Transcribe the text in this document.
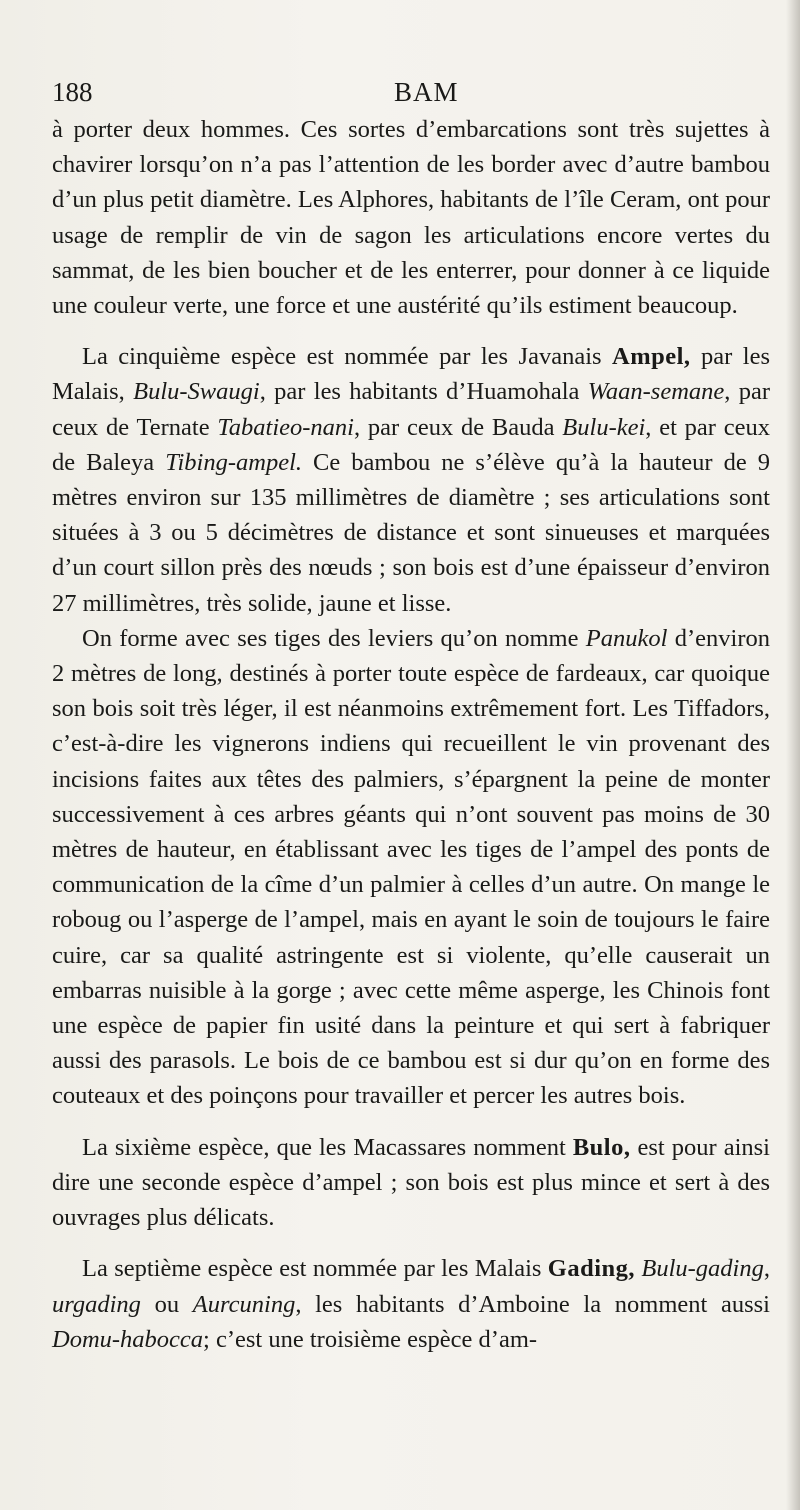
188	BAM

à porter deux hommes. Ces sortes d’embarcations sont très sujettes à chavirer lorsqu’on n’a pas l’attention de les border avec d’autre bambou d’un plus petit diamètre. Les Alphores, habitants de l’île Ceram, ont pour usage de remplir de vin de sagon les articulations encore vertes du sammat, de les bien boucher et de les enterrer, pour donner à ce liquide une couleur verte, une force et une austérité qu’ils estiment beaucoup.

La cinquième espèce est nommée par les Javanais Ampel, par les Malais, Bulu-Swaugi, par les habitants d’Huamohala Waan-semane, par ceux de Ternate Tabatieo-nani, par ceux de Bauda Bulu-kei, et par ceux de Baleya Tibing-ampel. Ce bambou ne s’élève qu’à la hauteur de 9 mètres environ sur 135 millimètres de diamètre ; ses articulations sont situées à 3 ou 5 décimètres de distance et sont sinueuses et marquées d’un court sillon près des nœuds ; son bois est d’une épaisseur d’environ 27 millimètres, très solide, jaune et lisse.

On forme avec ses tiges des leviers qu’on nomme Panukol d’environ 2 mètres de long, destinés à porter toute espèce de fardeaux, car quoique son bois soit très léger, il est néanmoins extrêmement fort. Les Tiffadors, c’est-à-dire les vignerons indiens qui recueillent le vin provenant des incisions faites aux têtes des palmiers, s’épargnent la peine de monter successivement à ces arbres géants qui n’ont souvent pas moins de 30 mètres de hauteur, en établissant avec les tiges de l’ampel des ponts de communication de la cîme d’un palmier à celles d’un autre. On mange le roboug ou l’asperge de l’ampel, mais en ayant le soin de toujours le faire cuire, car sa qualité astringente est si violente, qu’elle causerait un embarras nuisible à la gorge ; avec cette même asperge, les Chinois font une espèce de papier fin usité dans la peinture et qui sert à fabriquer aussi des parasols. Le bois de ce bambou est si dur qu’on en forme des couteaux et des poinçons pour travailler et percer les autres bois.

La sixième espèce, que les Macassares nomment Bulo, est pour ainsi dire une seconde espèce d’ampel ; son bois est plus mince et sert à des ouvrages plus délicats.

La septième espèce est nommée par les Malais Gading, Bulu-gading, urgading ou Aurcuning, les habitants d’Amboine la nomment aussi Domu-habocca; c’est une troisième espèce d’am-
